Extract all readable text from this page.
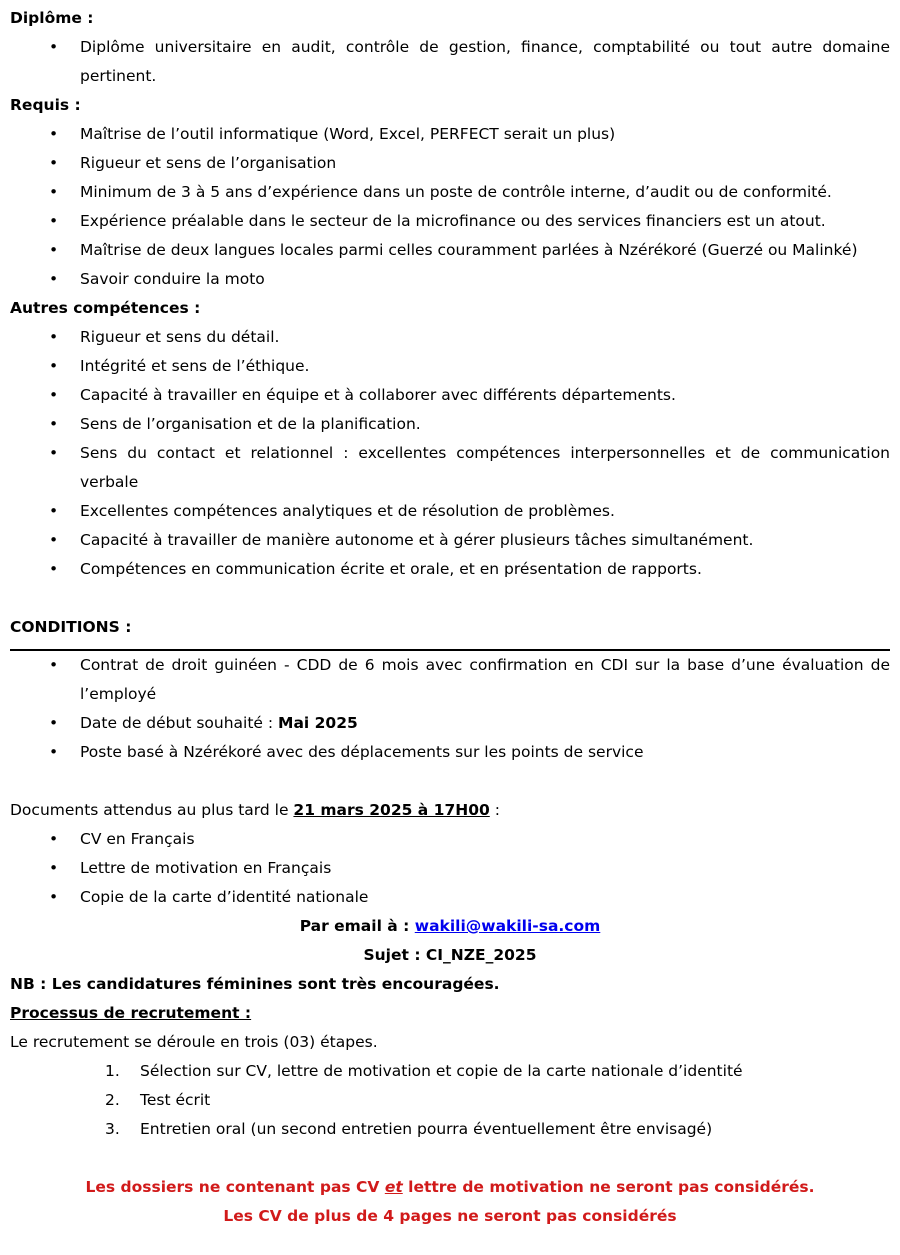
Diplôme :
• Diplôme universitaire en audit, contrôle de gestion, finance, comptabilité ou tout autre domaine pertinent.
Requis :
• Maîtrise de l’outil informatique (Word, Excel, PERFECT serait un plus)
• Rigueur et sens de l’organisation
• Minimum de 3 à 5 ans d’expérience dans un poste de contrôle interne, d’audit ou de conformité.
• Expérience préalable dans le secteur de la microfinance ou des services financiers est un atout.
• Maîtrise de deux langues locales parmi celles couramment parlées à Nzérékoré (Guerzé ou Malinké)
• Savoir conduire la moto
Autres compétences :
• Rigueur et sens du détail.
• Intégrité et sens de l’éthique.
• Capacité à travailler en équipe et à collaborer avec différents départements.
• Sens de l’organisation et de la planification.
• Sens du contact et relationnel : excellentes compétences interpersonnelles et de communication verbale
• Excellentes compétences analytiques et de résolution de problèmes.
• Capacité à travailler de manière autonome et à gérer plusieurs tâches simultanément.
• Compétences en communication écrite et orale, et en présentation de rapports.
CONDITIONS :
• Contrat de droit guinéen - CDD de 6 mois avec confirmation en CDI sur la base d’une évaluation de l’employé
• Date de début souhaité : Mai 2025
• Poste basé à Nzérékoré avec des déplacements sur les points de service

Documents attendus au plus tard le 21 mars 2025 à 17H00 :

• CV en Français
• Lettre de motivation en Français
• Copie de la carte d’identité nationale

Par email à : wakili@wakili-sa.com

Sujet : CI_NZE_2025

NB : Les candidatures féminines sont très encouragées.

Processus de recrutement :

Le recrutement se déroule en trois (03) étapes.

Sélection sur CV, lettre de motivation et copie de la carte nationale d’identité
Test écrit
Entretien oral (un second entretien pourra éventuellement être envisagé)

Les dossiers ne contenant pas CV et lettre de motivation ne seront pas considérés.

Les CV de plus de 4 pages ne seront pas considérés
